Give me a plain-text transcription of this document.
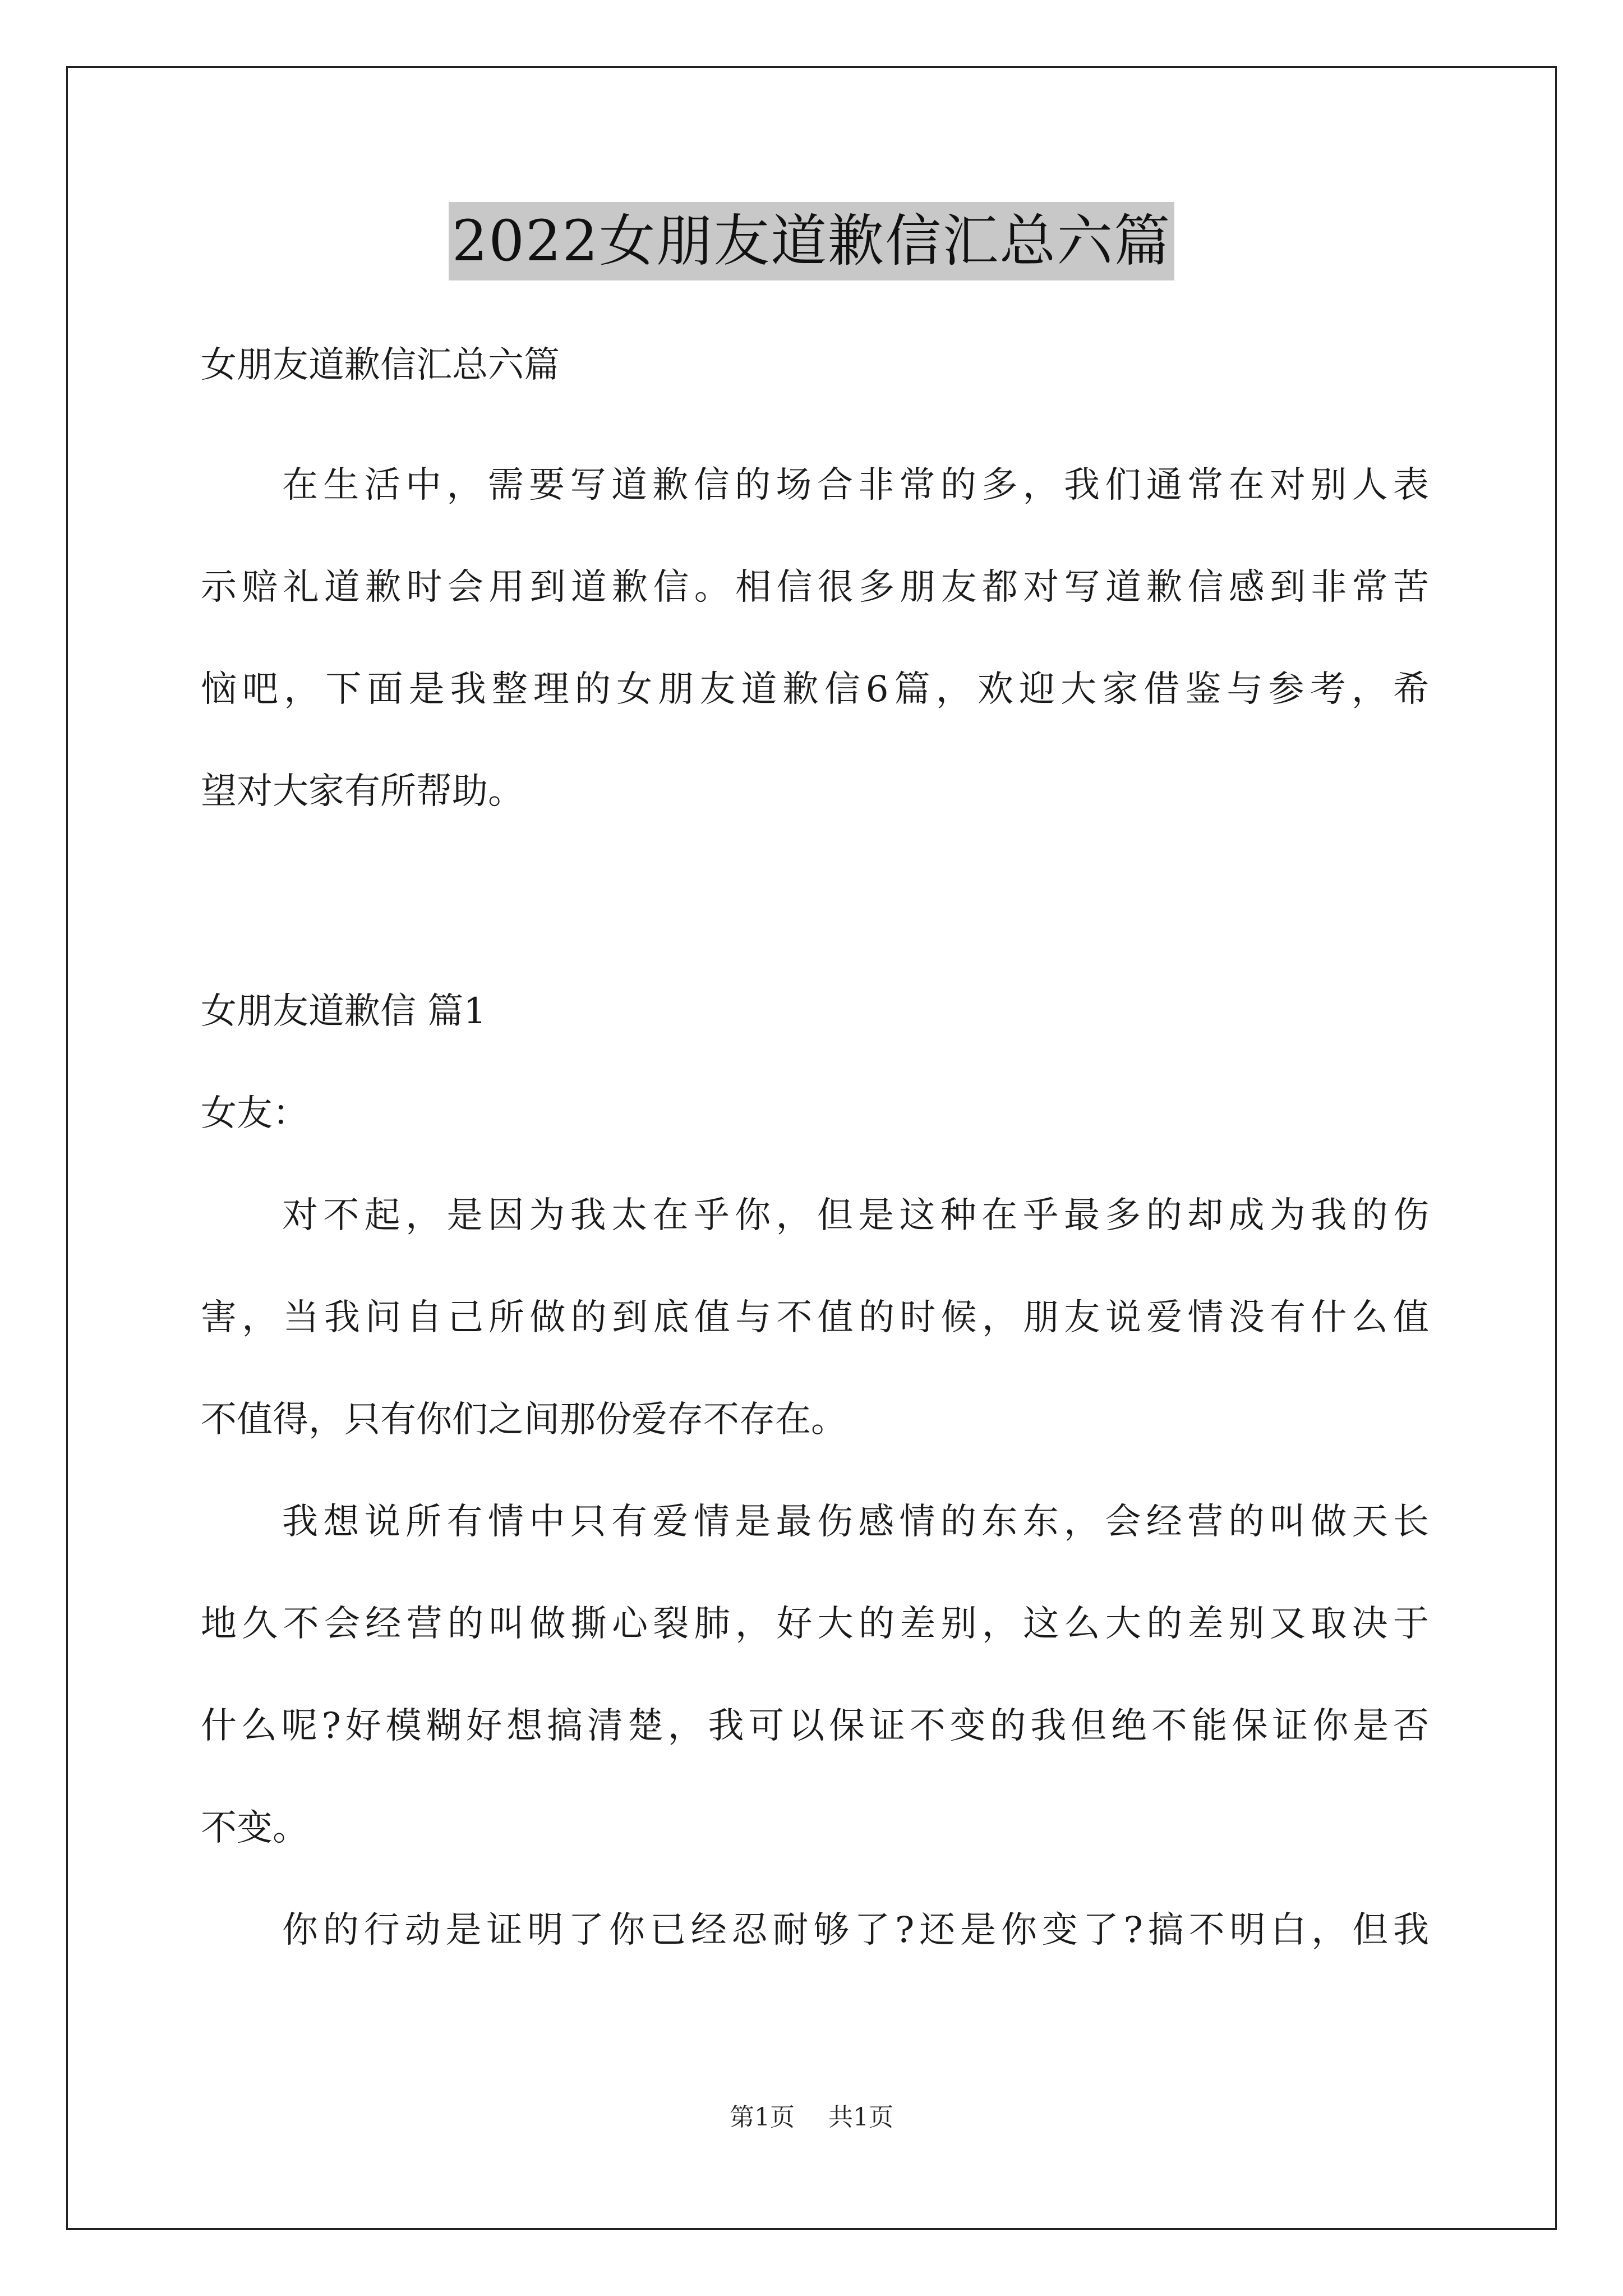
2022女朋友道歉信汇总六篇
女朋友道歉信汇总六篇
在生活中，需要写道歉信的场合非常的多，我们通常在对别人表
示赔礼道歉时会用到道歉信。相信很多朋友都对写道歉信感到非常苦
恼吧，下面是我整理的女朋友道歉信6篇，欢迎大家借鉴与参考，希
望对大家有所帮助。
女朋友道歉信 篇1
女友：
对不起，是因为我太在乎你，但是这种在乎最多的却成为我的伤
害，当我问自己所做的到底值与不值的时候，朋友说爱情没有什么值
不值得，只有你们之间那份爱存不存在。
我想说所有情中只有爱情是最伤感情的东东，会经营的叫做天长
地久不会经营的叫做撕心裂肺，好大的差别，这么大的差别又取决于
什么呢?好模糊好想搞清楚，我可以保证不变的我但绝不能保证你是否
不变。
你的行动是证明了你已经忍耐够了?还是你变了?搞不明白，但我
第1页 共1页
